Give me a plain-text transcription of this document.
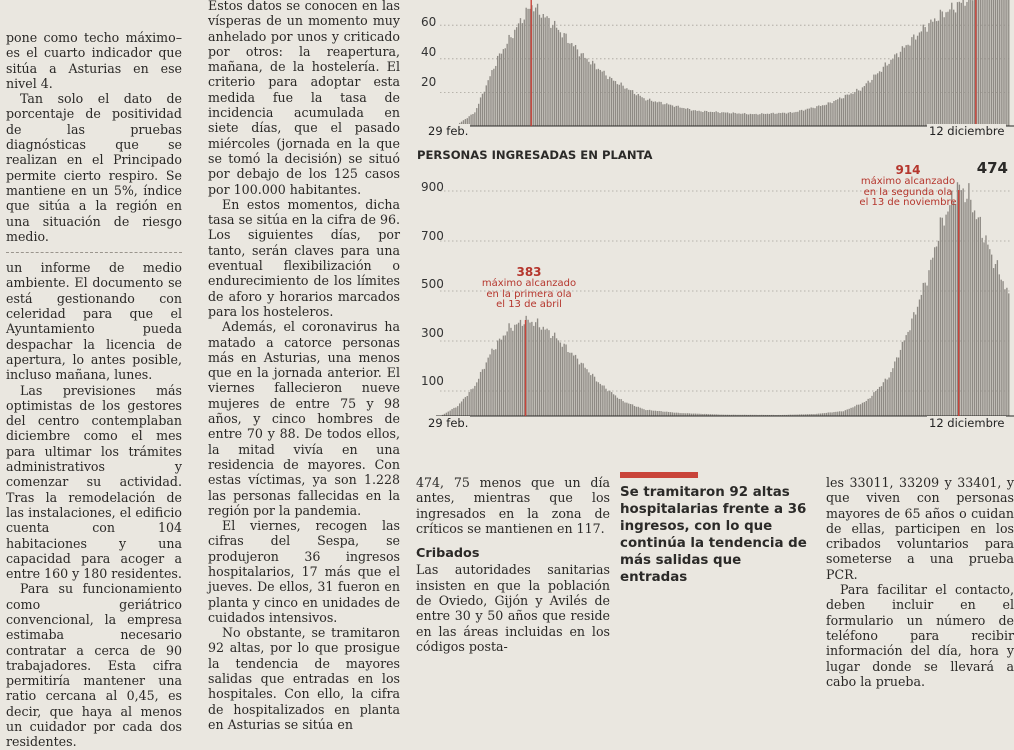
pone como techo máximo– es el cuarto indicador que sitúa a Asturias en ese nivel 4.

Tan solo el dato de porcentaje de positividad de las pruebas diagnósticas que se realizan en el Principado permite cierto respiro. Se mantiene en un 5%, índice que sitúa a la región en una situación de riesgo medio.

un informe de medio ambiente. El documento se está gestionando con celeridad para que el Ayuntamiento pueda despachar la licencia de apertura, lo antes posible, incluso mañana, lunes.

Las previsiones más optimistas de los gestores del centro contemplaban diciembre como el mes para ultimar los trámites administrativos y comenzar su actividad. Tras la remodelación de las instalaciones, el edificio cuenta con 104 habitaciones y una capacidad para acoger a entre 160 y 180 residentes.

Para su funcionamiento como geriátrico convencional, la empresa estimaba necesario contratar a cerca de 90 trabajadores. Esta cifra permitiría mantener una ratio cercana al 0,45, es decir, que haya al menos un cuidador por cada dos residentes.

Estos datos se conocen en las vísperas de un momento muy anhelado por unos y criticado por otros: la reapertura, mañana, de la hostelería. El criterio para adoptar esta medida fue la tasa de incidencia acumulada en siete días, que el pasado miércoles (jornada en la que se tomó la decisión) se situó por debajo de los 125 casos por 100.000 habitantes.

En estos momentos, dicha tasa se sitúa en la cifra de 96. Los siguientes días, por tanto, serán claves para una eventual flexibilización o endurecimiento de los límites de aforo y horarios marcados para los hosteleros.

Además, el coronavirus ha matado a catorce personas más en Asturias, una menos que en la jornada anterior. El viernes fallecieron nueve mujeres de entre 75 y 98 años, y cinco hombres de entre 70 y 88. De todos ellos, la mitad vivía en una residencia de mayores. Con estas víctimas, ya son 1.228 las personas fallecidas en la región por la pandemia.

El viernes, recogen las cifras del Sespa, se produjeron 36 ingresos hospitalarios, 17 más que el jueves. De ellos, 31 fueron en planta y cinco en unidades de cuidados intensivos.

No obstante, se tramitaron 92 altas, por lo que prosigue la tendencia de mayores salidas que entradas en los hospitales. Con ello, la cifra de hospitalizados en planta en Asturias se sitúa en

60
40
20
29 feb.	12 diciembre
PERSONAS INGRESADAS EN PLANTA
474
900
700
500
300
100
383
máximo alcanzado
en la primera ola
el 13 de abril
914
máximo alcanzado
en la segunda ola
el 13 de noviembre
29 feb.	12 diciembre

474, 75 menos que un día antes, mientras que los ingresados en la zona de críticos se mantienen en 117.

Cribados

Las autoridades sanitarias insisten en que la población de Oviedo, Gijón y Avilés de entre 30 y 50 años que reside en las áreas incluidas en los códigos posta-

Se tramitaron 92 altas hospitalarias frente a 36 ingresos, con lo que continúa la tendencia de más salidas que entradas

les 33011, 33209 y 33401, y que viven con personas mayores de 65 años o cuidan de ellas, participen en los cribados voluntarios para someterse a una prueba PCR.

Para facilitar el contacto, deben incluir en el formulario un número de teléfono para recibir información del día, hora y lugar donde se llevará a cabo la prueba.
